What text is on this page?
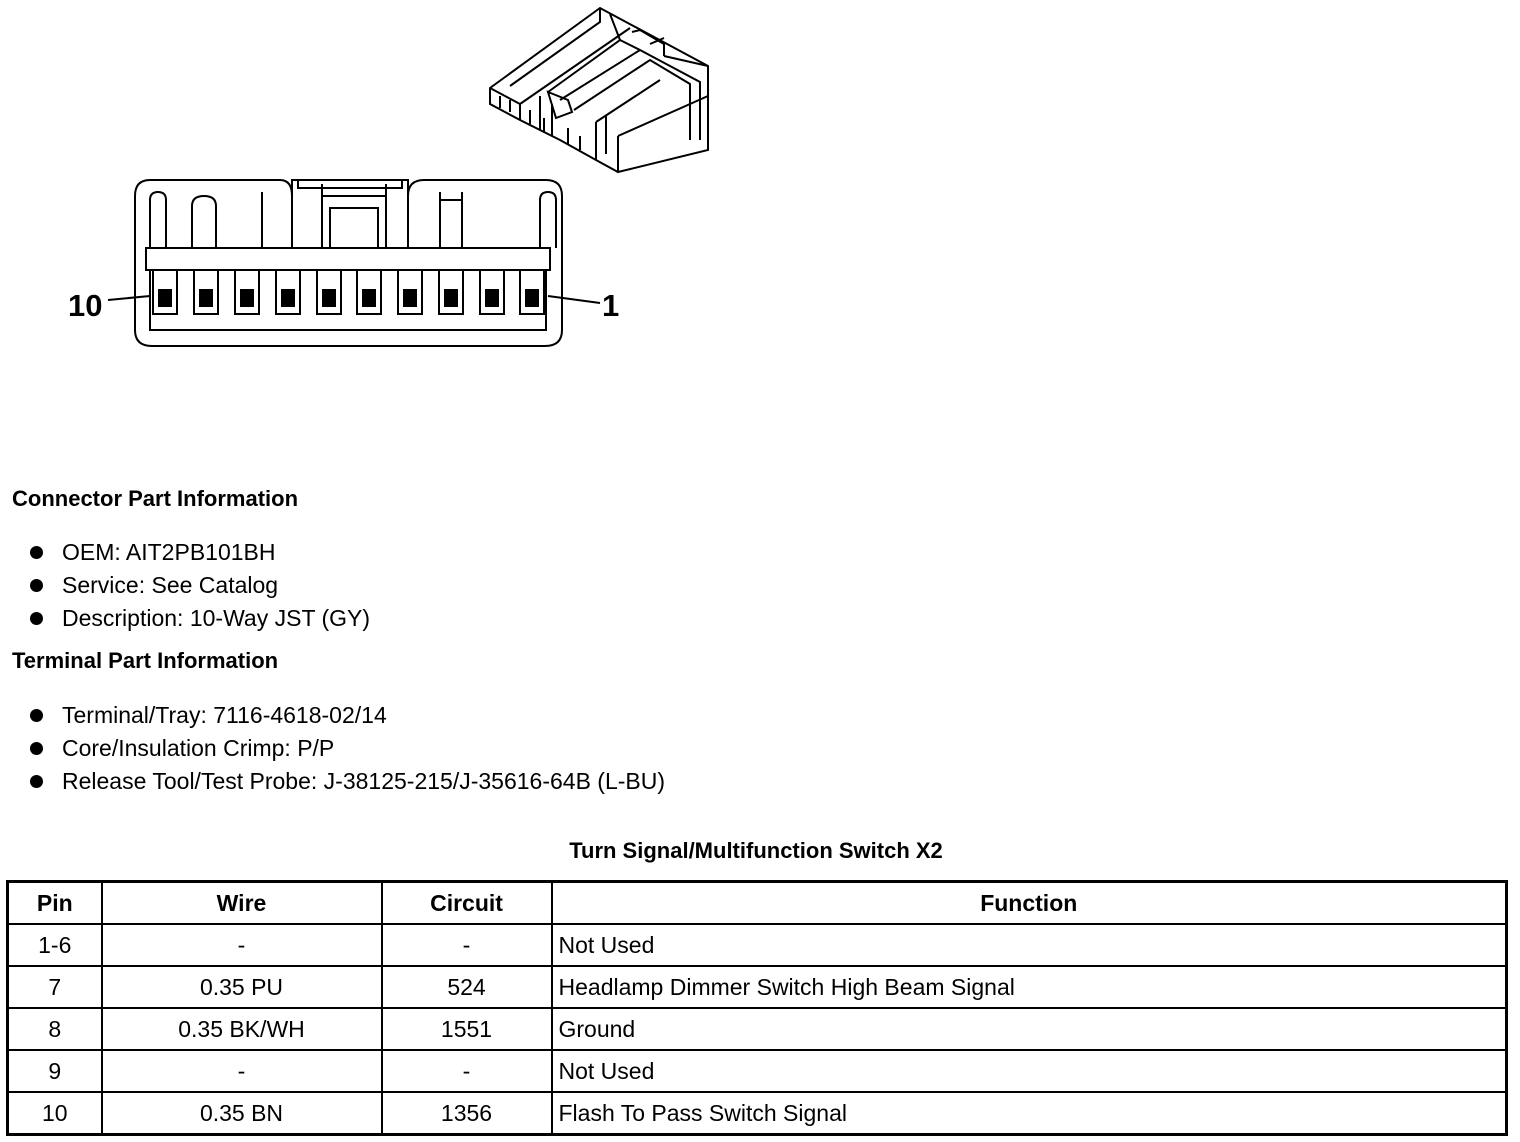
10	1
Connector Part Information
OEM: AIT2PB101BH
Service: See Catalog
Description: 10-Way JST (GY)
Terminal Part Information
Terminal/Tray: 7116-4618-02/14
Core/Insulation Crimp: P/P
Release Tool/Test Probe: J-38125-215/J-35616-64B (L-BU)
Turn Signal/Multifunction Switch X2
Pin	Wire	Circuit	Function
1-6	-	-	Not Used
7	0.35 PU	524	Headlamp Dimmer Switch High Beam Signal
8	0.35 BK/WH	1551	Ground
9	-	-	Not Used
10	0.35 BN	1356	Flash To Pass Switch Signal
